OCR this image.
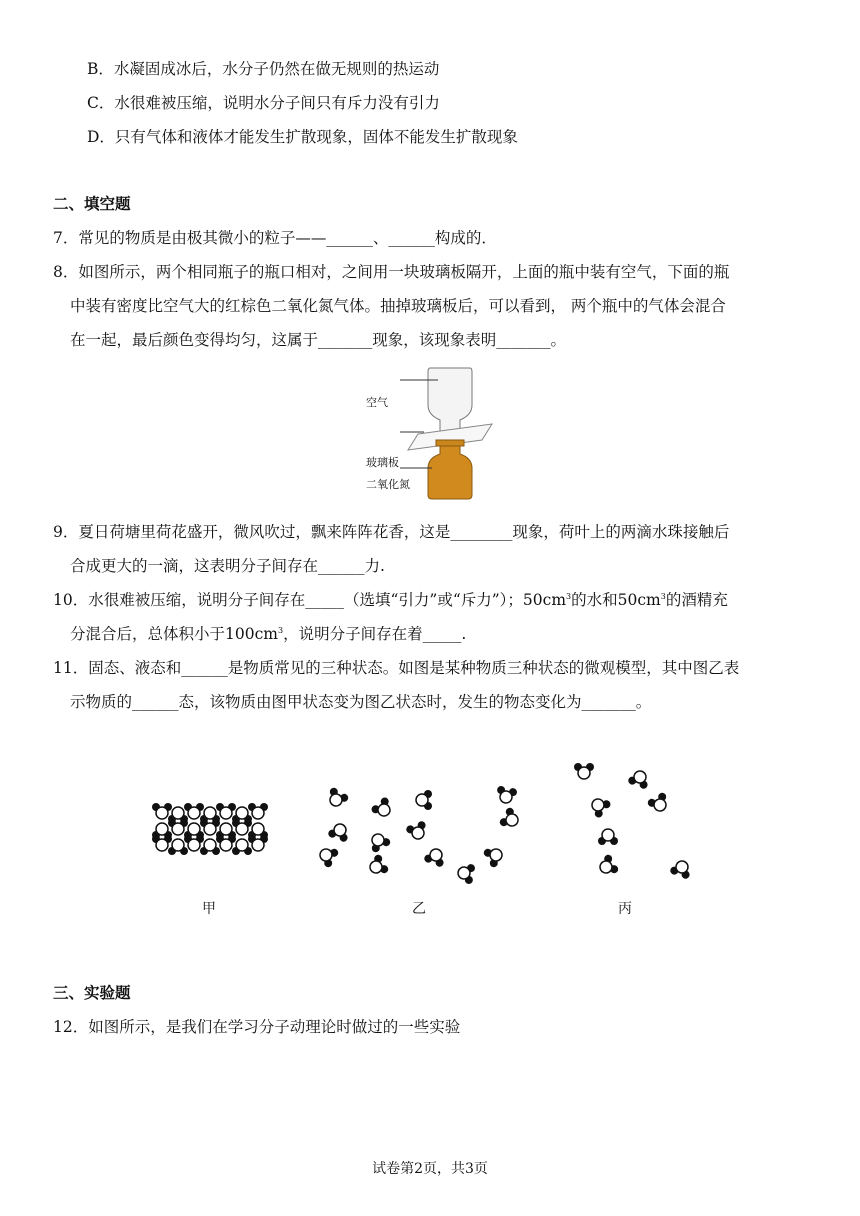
B．水凝固成冰后，水分子仍然在做无规则的热运动
C．水很难被压缩，说明水分子间只有斥力没有引力
D．只有气体和液体才能发生扩散现象，固体不能发生扩散现象
二、填空题
7．常见的物质是由极其微小的粒子——______、______构成的．
8．如图所示，两个相同瓶子的瓶口相对，之间用一块玻璃板隔开，上面的瓶中装有空气，下面的瓶
中装有密度比空气大的红棕色二氧化氮气体。抽掉玻璃板后，可以看到， 两个瓶中的气体会混合
在一起，最后颜色变得均匀，这属于_______现象，该现象表明_______。
空气
玻璃板
二氧化氮
9．夏日荷塘里荷花盛开，微风吹过，飘来阵阵花香，这是________现象，荷叶上的两滴水珠接触后
合成更大的一滴，这表明分子间存在______力.
10．水很难被压缩，说明分子间存在_____（选填“引力”或“斥力”）；$50cm^3$的水和$50cm^3$的酒精充
分混合后，总体积小于$100cm^3$，说明分子间存在着_____.
11．固态、液态和______是物质常见的三种状态。如图是某种物质三种状态的微观模型，其中图乙表
示物质的______态，该物质由图甲状态变为图乙状态时，发生的物态变化为_______。
甲	乙	丙
三、实验题
12．如图所示，是我们在学习分子动理论时做过的一些实验
试卷第2页，共3页
